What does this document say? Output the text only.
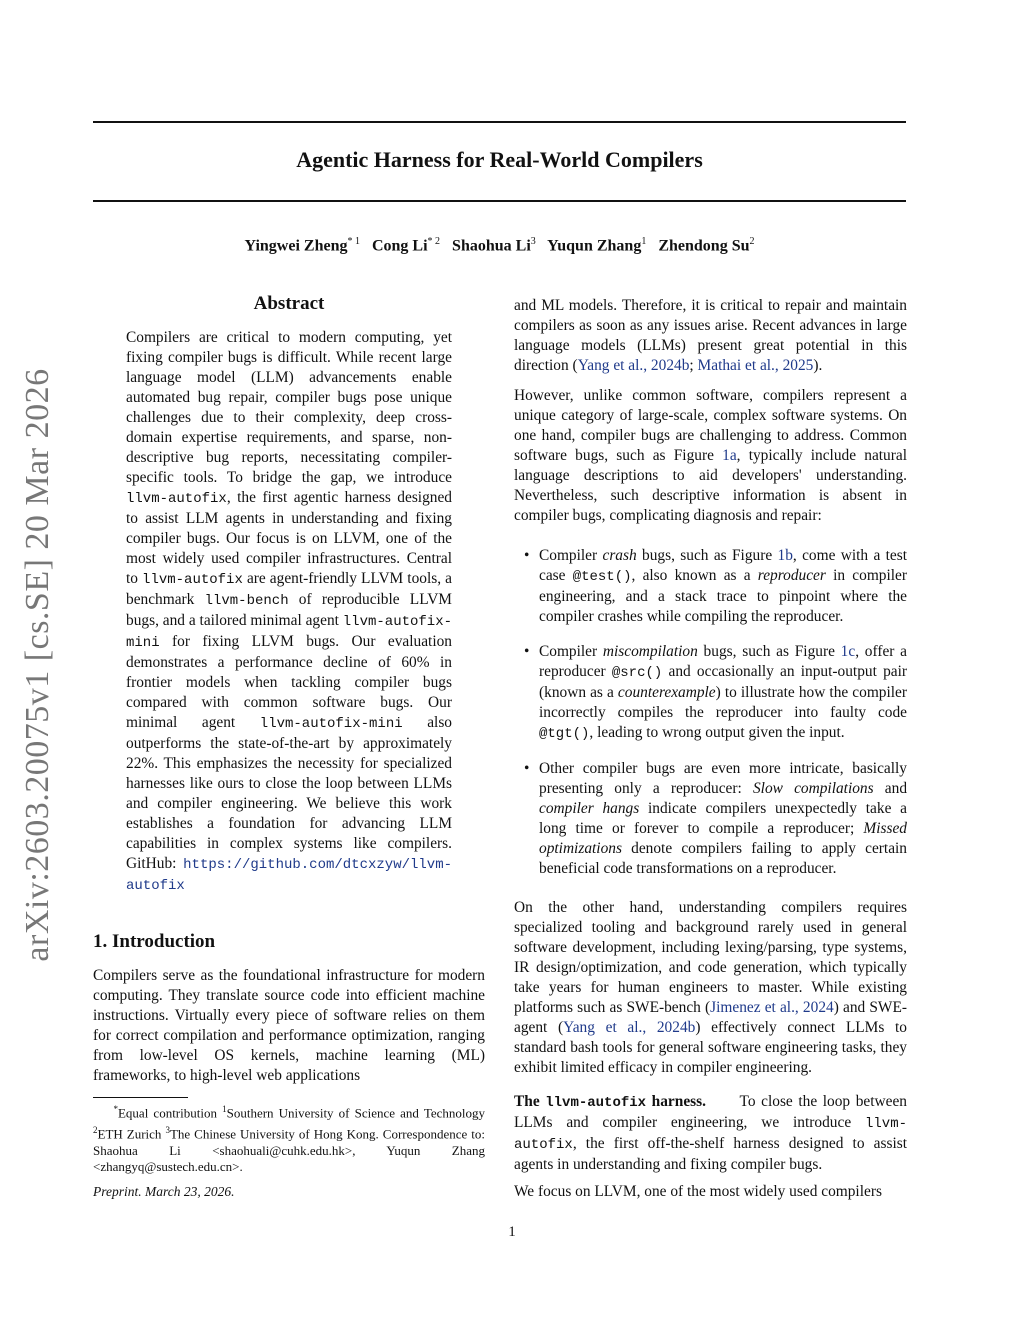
Agentic Harness for Real-World Compilers
Yingwei Zheng$^{* 1}$ Cong Li$^{* 2}$ Shaohua Li$^3$ Yuqun Zhang$^1$ Zhendong Su$^2$
arXiv:2603.20075v1 [cs.SE] 20 Mar 2026
Abstract

Compilers are critical to modern computing, yet fixing compiler bugs is difficult. While recent large language model (LLM) advancements enable automated bug repair, compiler bugs pose unique challenges due to their complexity, deep cross-domain expertise requirements, and sparse, non-descriptive bug reports, necessitating compiler-specific tools. To bridge the gap, we introduce llvm-autofix, the first agentic harness designed to assist LLM agents in understanding and fixing compiler bugs. Our focus is on LLVM, one of the most widely used compiler infrastructures. Central to llvm-autofix are agent-friendly LLVM tools, a benchmark llvm-bench of reproducible LLVM bugs, and a tailored minimal agent llvm-autofix-mini for fixing LLVM bugs. Our evaluation demonstrates a performance decline of 60% in frontier models when tackling compiler bugs compared with common software bugs. Our minimal agent llvm-autofix-mini also outperforms the state-of-the-art by approximately 22%. This emphasizes the necessity for specialized harnesses like ours to close the loop between LLMs and compiler engineering. We believe this work establishes a foundation for advancing LLM capabilities in complex systems like compilers. GitHub: https://github.com/dtcxzyw/llvm-autofix

1. Introduction

Compilers serve as the foundational infrastructure for modern computing. They translate source code into efficient machine instructions. Virtually every piece of software relies on them for correct compilation and performance optimization, ranging from low-level OS kernels, machine learning (ML) frameworks, to high-level web applications

*Equal contribution $^1$Southern University of Science and Technology $^2$ETH Zurich $^3$The Chinese University of Hong Kong. Correspondence to: Shaohua Li <shaohuali@cuhk.edu.hk>, Yuqun Zhang <zhangyq@sustech.edu.cn>.

Preprint. March 23, 2026.

and ML models. Therefore, it is critical to repair and maintain compilers as soon as any issues arise. Recent advances in large language models (LLMs) present great potential in this direction (Yang et al., 2024b; Mathai et al., 2025).

However, unlike common software, compilers represent a unique category of large-scale, complex software systems. On one hand, compiler bugs are challenging to address. Common software bugs, such as Figure 1a, typically include natural language descriptions to aid developers' understanding. Nevertheless, such descriptive information is absent in compiler bugs, complicating diagnosis and repair:

• Compiler crash bugs, such as Figure 1b, come with a test case @test(), also known as a reproducer in compiler engineering, and a stack trace to pinpoint where the compiler crashes while compiling the reproducer.
• Compiler miscompilation bugs, such as Figure 1c, offer a reproducer @src() and occasionally an input-output pair (known as a counterexample) to illustrate how the compiler incorrectly compiles the reproducer into faulty code @tgt(), leading to wrong output given the input.
• Other compiler bugs are even more intricate, basically presenting only a reproducer: Slow compilations and compiler hangs indicate compilers unexpectedly take a long time or forever to compile a reproducer; Missed optimizations denote compilers failing to apply certain beneficial code transformations on a reproducer.

On the other hand, understanding compilers requires specialized tooling and background rarely used in general software development, including lexing/parsing, type systems, IR design/optimization, and code generation, which typically take years for human engineers to master. While existing platforms such as SWE-bench (Jimenez et al., 2024) and SWE-agent (Yang et al., 2024b) effectively connect LLMs to standard bash tools for general software engineering tasks, they exhibit limited efficacy in compiler engineering.

The llvm-autofix harness. To close the loop between LLMs and compiler engineering, we introduce llvm-autofix, the first off-the-shelf harness designed to assist agents in understanding and fixing compiler bugs.

We focus on LLVM, one of the most widely used compilers

1
